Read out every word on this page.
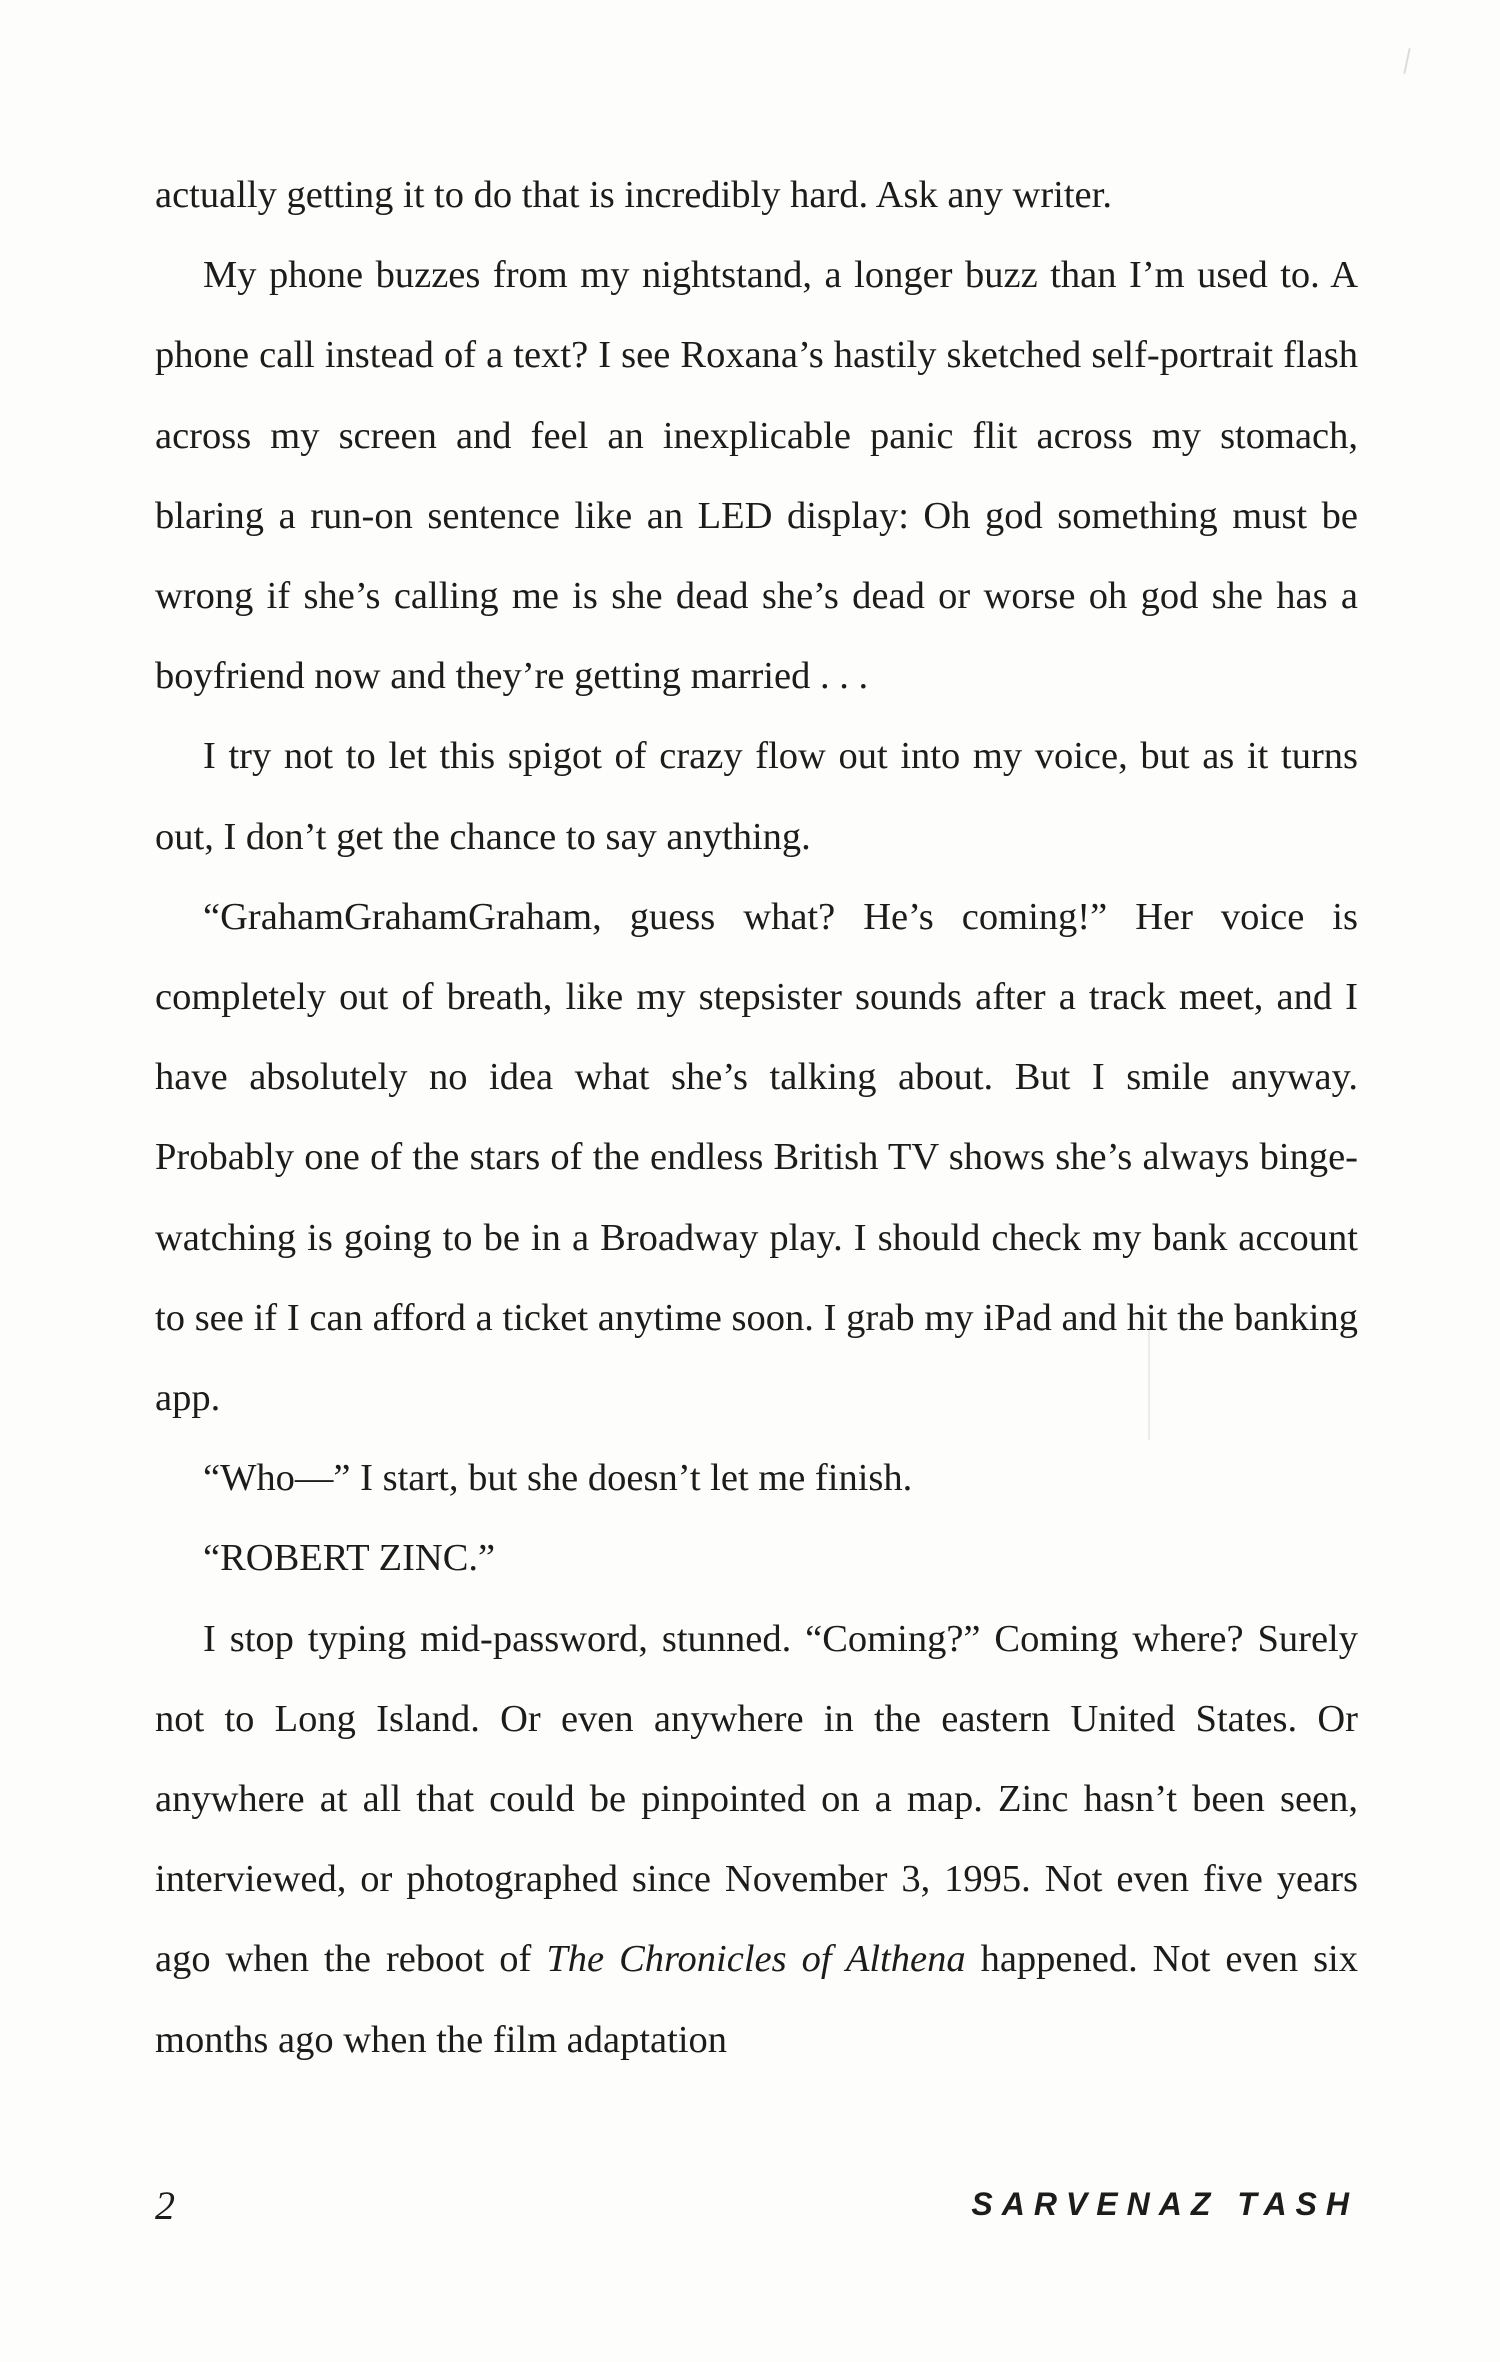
actually getting it to do that is incredibly hard. Ask any writer.

My phone buzzes from my nightstand, a longer buzz than I’m used to. A phone call instead of a text? I see Roxana’s hastily sketched self-portrait flash across my screen and feel an inexplicable panic flit across my stomach, blaring a run-on sentence like an LED display: Oh god something must be wrong if she’s calling me is she dead she’s dead or worse oh god she has a boyfriend now and they’re getting married . . .

I try not to let this spigot of crazy flow out into my voice, but as it turns out, I don’t get the chance to say anything.

“GrahamGrahamGraham, guess what? He’s coming!” Her voice is completely out of breath, like my stepsister sounds after a track meet, and I have absolutely no idea what she’s talking about. But I smile anyway. Probably one of the stars of the endless British TV shows she’s always binge-watching is going to be in a Broadway play. I should check my bank account to see if I can afford a ticket anytime soon. I grab my iPad and hit the banking app.

“Who—” I start, but she doesn’t let me finish.

“ROBERT ZINC.”

I stop typing mid-password, stunned. “Coming?” Coming where? Surely not to Long Island. Or even anywhere in the eastern United States. Or anywhere at all that could be pinpointed on a map. Zinc hasn’t been seen, interviewed, or photographed since November 3, 1995. Not even five years ago when the reboot of The Chronicles of Althena happened. Not even six months ago when the film adaptation

2	SARVENAZ TASH
